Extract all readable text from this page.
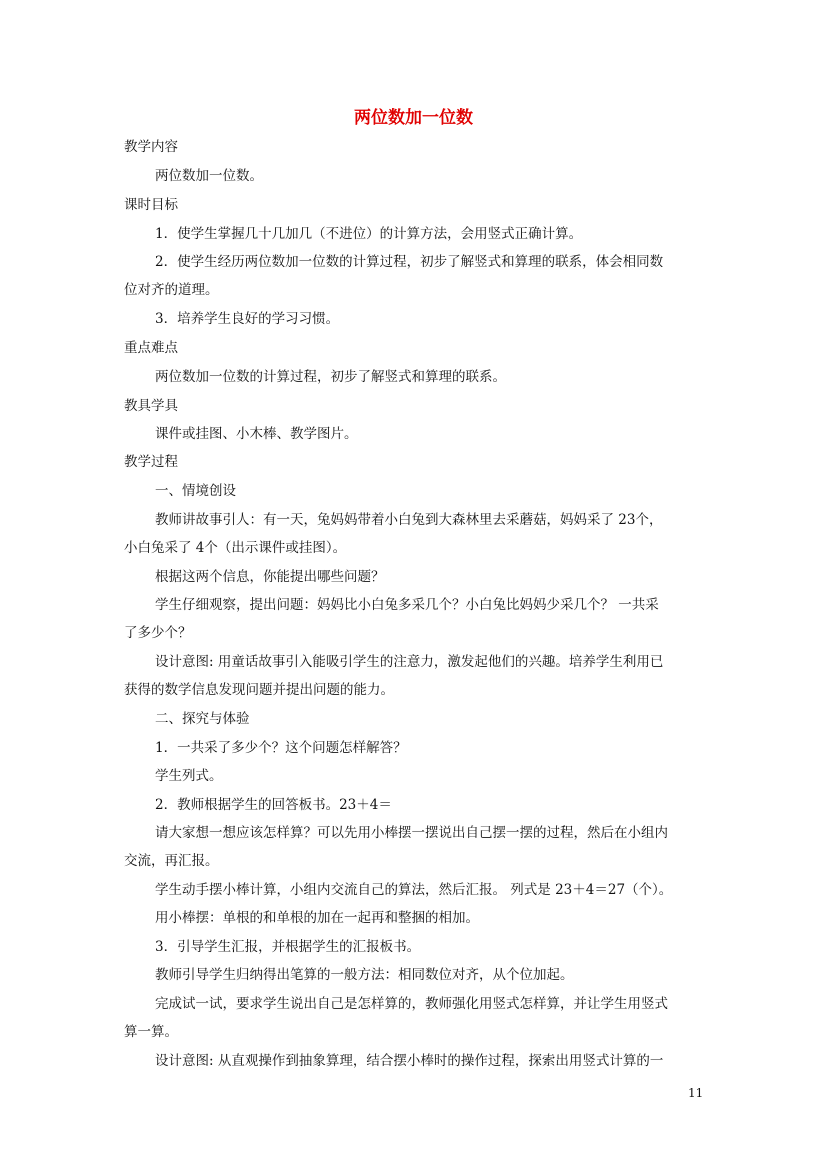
两位数加一位数
教学内容
两位数加一位数。
课时目标
1．使学生掌握几十几加几（不进位）的计算方法，会用竖式正确计算。
2．使学生经历两位数加一位数的计算过程，初步了解竖式和算理的联系，体会相同数
位对齐的道理。
3．培养学生良好的学习习惯。
重点难点
两位数加一位数的计算过程，初步了解竖式和算理的联系。
教具学具
课件或挂图、小木棒、教学图片。
教学过程
一、情境创设
教师讲故事引人：有一天，兔妈妈带着小白兔到大森林里去采蘑菇，妈妈采了 23个，
小白兔采了 4个（出示课件或挂图）。
根据这两个信息，你能提出哪些问题？
学生仔细观察，提出问题：妈妈比小白兔多采几个？小白兔比妈妈少采几个？ 一共采
了多少个？
设计意图: 用童话故事引入能吸引学生的注意力，激发起他们的兴趣。培养学生利用已
获得的数学信息发现问题并提出问题的能力。
二、探究与体验
1．一共采了多少个？这个问题怎样解答？
学生列式。
2．教师根据学生的回答板书。23＋4＝
请大家想一想应该怎样算？可以先用小棒摆一摆说出自己摆一摆的过程，然后在小组内
交流，再汇报。
学生动手摆小棒计算，小组内交流自己的算法，然后汇报。 列式是 23＋4＝27（个）。
用小棒摆：单根的和单根的加在一起再和整捆的相加。
3．引导学生汇报，并根据学生的汇报板书。
教师引导学生归纳得出笔算的一般方法：相同数位对齐，从个位加起。
完成试一试，要求学生说出自己是怎样算的，教师强化用竖式怎样算，并让学生用竖式
算一算。
设计意图: 从直观操作到抽象算理，结合摆小棒时的操作过程，探索出用竖式计算的一
11
